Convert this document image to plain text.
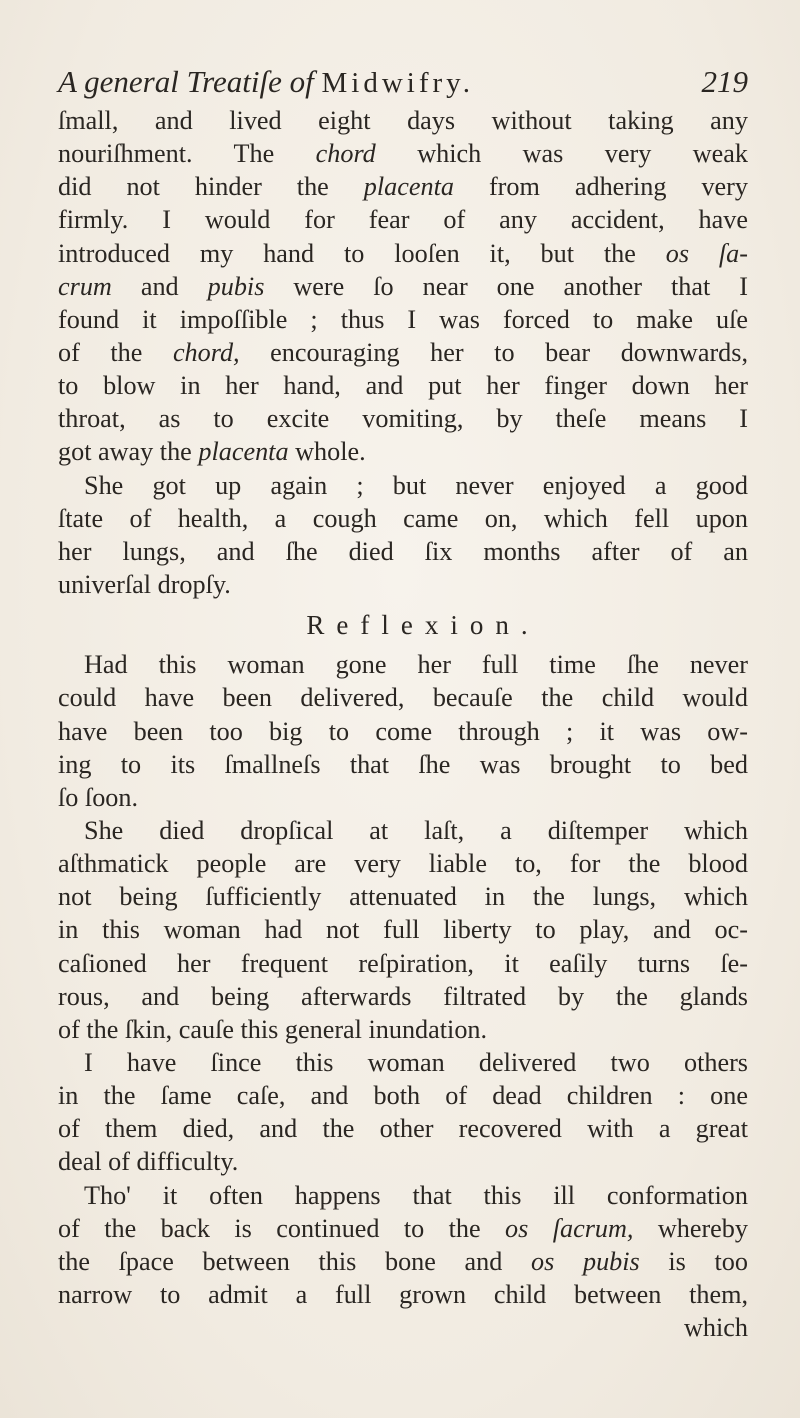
A general Treatiſe of Midwifry.	219
ſmall, and lived eight days without taking any
nouriſhment. The chord which was very weak
did not hinder the placenta from adhering very
firmly. I would for fear of any accident, have
introduced my hand to looſen it, but the os ſa-
crum and pubis were ſo near one another that I
found it impoſſible ; thus I was forced to make uſe
of the chord, encouraging her to bear downwards,
to blow in her hand, and put her finger down her
throat, as to excite vomiting, by theſe means I
got away the placenta whole.
She got up again ; but never enjoyed a good
ſtate of health, a cough came on, which fell upon
her lungs, and ſhe died ſix months after of an
univerſal dropſy.
Reflexion.
Had this woman gone her full time ſhe never
could have been delivered, becauſe the child would
have been too big to come through ; it was ow-
ing to its ſmallneſs that ſhe was brought to bed
ſo ſoon.
She died dropſical at laſt, a diſtemper which
aſthmatick people are very liable to, for the blood
not being ſufficiently attenuated in the lungs, which
in this woman had not full liberty to play, and oc-
caſioned her frequent reſpiration, it eaſily turns ſe-
rous, and being afterwards filtrated by the glands
of the ſkin, cauſe this general inundation.
I have ſince this woman delivered two others
in the ſame caſe, and both of dead children : one
of them died, and the other recovered with a great
deal of difficulty.
Tho' it often happens that this ill conformation
of the back is continued to the os ſacrum, whereby
the ſpace between this bone and os pubis is too
narrow to admit a full grown child between them,
which
